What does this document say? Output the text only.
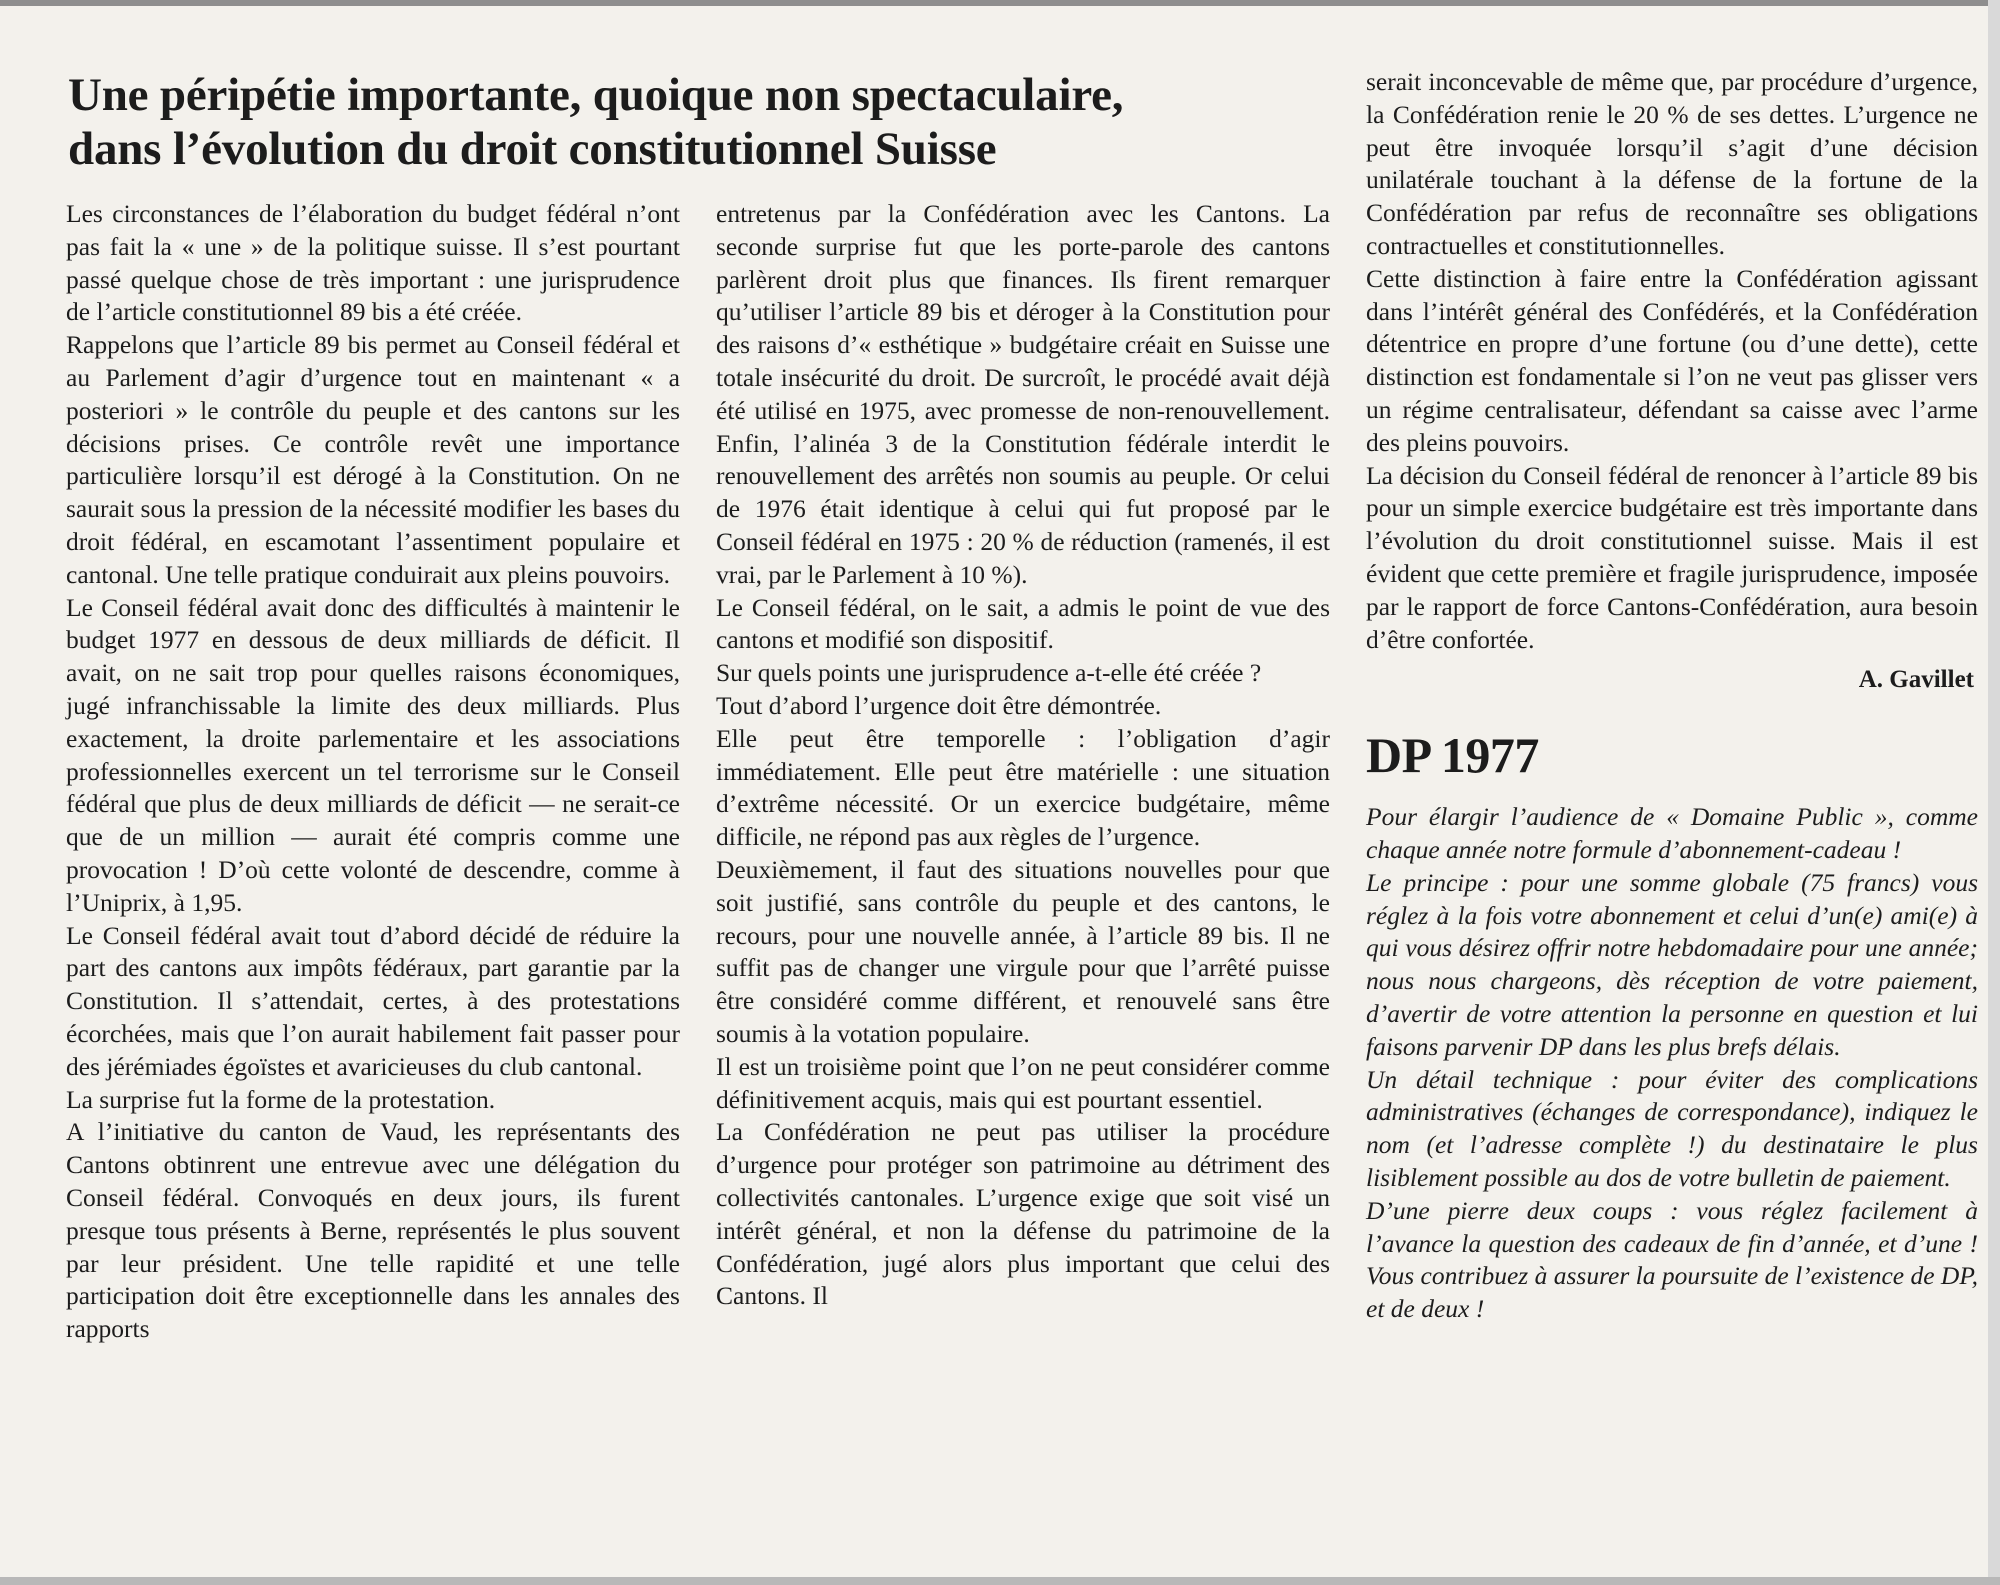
Une péripétie importante, quoique non spectaculaire,
dans l’évolution du droit constitutionnel Suisse

Les circonstances de l’élaboration du budget fédéral n’ont pas fait la « une » de la politique suisse. Il s’est pourtant passé quelque chose de très important : une jurisprudence de l’article constitutionnel 89 bis a été créée.

Rappelons que l’article 89 bis permet au Conseil fédéral et au Parlement d’agir d’urgence tout en maintenant « a posteriori » le contrôle du peuple et des cantons sur les décisions prises. Ce contrôle revêt une importance particulière lorsqu’il est dérogé à la Constitution. On ne saurait sous la pression de la nécessité modifier les bases du droit fédéral, en escamotant l’assentiment populaire et cantonal. Une telle pratique conduirait aux pleins pouvoirs.

Le Conseil fédéral avait donc des difficultés à maintenir le budget 1977 en dessous de deux milliards de déficit. Il avait, on ne sait trop pour quelles raisons économiques, jugé infranchissable la limite des deux milliards. Plus exactement, la droite parlementaire et les associations professionnelles exercent un tel terrorisme sur le Conseil fédéral que plus de deux milliards de déficit — ne serait-ce que de un million — aurait été compris comme une provocation ! D’où cette volonté de descendre, comme à l’Uniprix, à 1,95.

Le Conseil fédéral avait tout d’abord décidé de réduire la part des cantons aux impôts fédéraux, part garantie par la Constitution. Il s’attendait, certes, à des protestations écorchées, mais que l’on aurait habilement fait passer pour des jérémiades égoïstes et avaricieuses du club cantonal.

La surprise fut la forme de la protestation.

A l’initiative du canton de Vaud, les représentants des Cantons obtinrent une entrevue avec une délégation du Conseil fédéral. Convoqués en deux jours, ils furent presque tous présents à Berne, représentés le plus souvent par leur président. Une telle rapidité et une telle participation doit être exceptionnelle dans les annales des rapports

entretenus par la Confédération avec les Cantons. La seconde surprise fut que les porte-parole des cantons parlèrent droit plus que finances. Ils firent remarquer qu’utiliser l’article 89 bis et déroger à la Constitution pour des raisons d’« esthétique » budgétaire créait en Suisse une totale insécurité du droit. De surcroît, le procédé avait déjà été utilisé en 1975, avec promesse de non-renouvellement. Enfin, l’alinéa 3 de la Constitution fédérale interdit le renouvellement des arrêtés non soumis au peuple. Or celui de 1976 était identique à celui qui fut proposé par le Conseil fédéral en 1975 : 20 % de réduction (ramenés, il est vrai, par le Parlement à 10 %).

Le Conseil fédéral, on le sait, a admis le point de vue des cantons et modifié son dispositif.

Sur quels points une jurisprudence a-t-elle été créée ?

Tout d’abord l’urgence doit être démontrée.

Elle peut être temporelle : l’obligation d’agir immédiatement. Elle peut être matérielle : une situation d’extrême nécessité. Or un exercice budgétaire, même difficile, ne répond pas aux règles de l’urgence.

Deuxièmement, il faut des situations nouvelles pour que soit justifié, sans contrôle du peuple et des cantons, le recours, pour une nouvelle année, à l’article 89 bis. Il ne suffit pas de changer une virgule pour que l’arrêté puisse être considéré comme différent, et renouvelé sans être soumis à la votation populaire.

Il est un troisième point que l’on ne peut considérer comme définitivement acquis, mais qui est pourtant essentiel.

La Confédération ne peut pas utiliser la procédure d’urgence pour protéger son patrimoine au détriment des collectivités cantonales. L’urgence exige que soit visé un intérêt général, et non la défense du patrimoine de la Confédération, jugé alors plus important que celui des Cantons. Il

serait inconcevable de même que, par procédure d’urgence, la Confédération renie le 20 % de ses dettes. L’urgence ne peut être invoquée lorsqu’il s’agit d’une décision unilatérale touchant à la défense de la fortune de la Confédération par refus de reconnaître ses obligations contractuelles et constitutionnelles.

Cette distinction à faire entre la Confédération agissant dans l’intérêt général des Confédérés, et la Confédération détentrice en propre d’une fortune (ou d’une dette), cette distinction est fondamentale si l’on ne veut pas glisser vers un régime centralisateur, défendant sa caisse avec l’arme des pleins pouvoirs.

La décision du Conseil fédéral de renoncer à l’article 89 bis pour un simple exercice budgétaire est très importante dans l’évolution du droit constitutionnel suisse. Mais il est évident que cette première et fragile jurisprudence, imposée par le rapport de force Cantons-Confédération, aura besoin d’être confortée.

A. Gavillet

DP 1977

Pour élargir l’audience de « Domaine Public », comme chaque année notre formule d’abonnement-cadeau !

Le principe : pour une somme globale (75 francs) vous réglez à la fois votre abonnement et celui d’un(e) ami(e) à qui vous désirez offrir notre hebdomadaire pour une année; nous nous chargeons, dès réception de votre paiement, d’avertir de votre attention la personne en question et lui faisons parvenir DP dans les plus brefs délais.

Un détail technique : pour éviter des complications administratives (échanges de correspondance), indiquez le nom (et l’adresse complète !) du destinataire le plus lisiblement possible au dos de votre bulletin de paiement.

D’une pierre deux coups : vous réglez facilement à l’avance la question des cadeaux de fin d’année, et d’une ! Vous contribuez à assurer la poursuite de l’existence de DP, et de deux !
